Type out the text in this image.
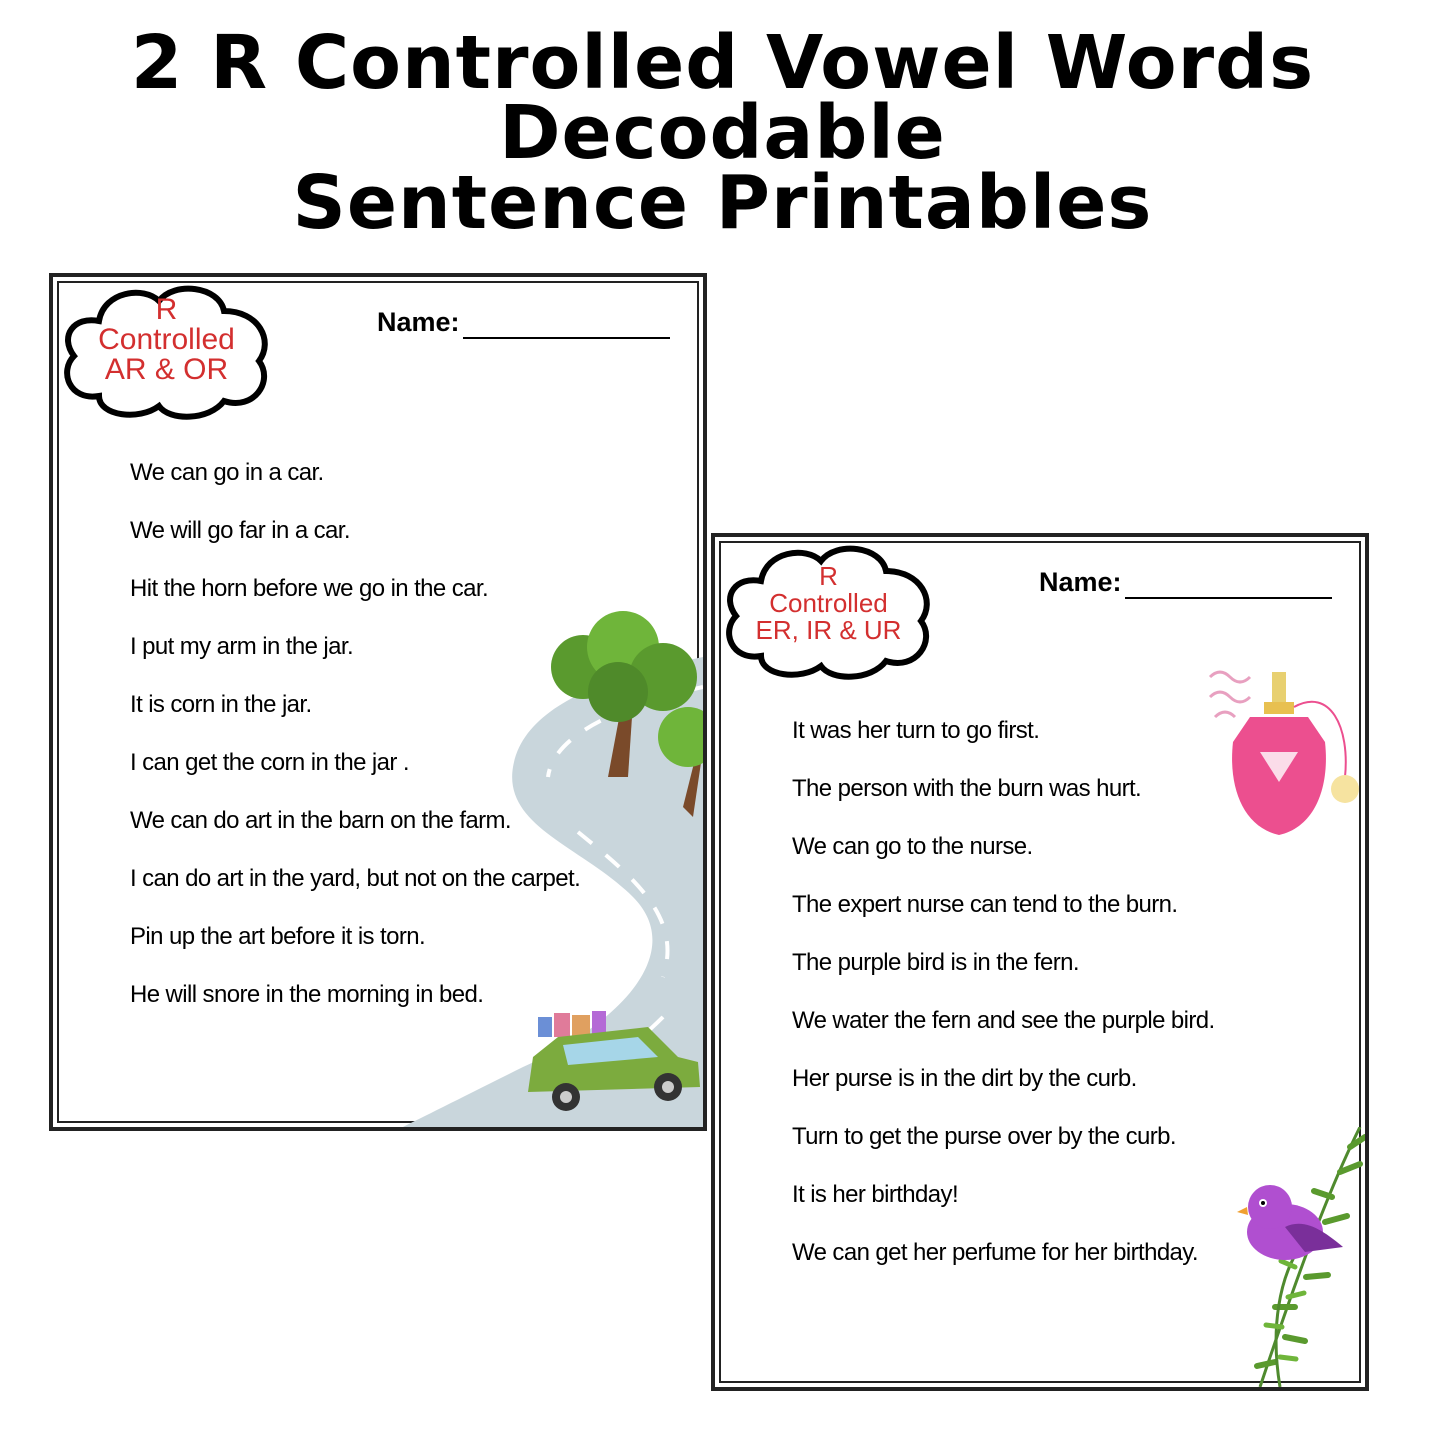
2 R Controlled Vowel Words
Decodable
Sentence Printables
R
Controlled
AR & OR
Name:
We can go in a car.
We will go far in a car.
Hit the horn before we go in the car.
I put my arm in the jar.
It is corn in the jar.
I can get the corn in the jar .
We can do art in the barn on the farm.
I can do art in the yard, but not on the carpet.
Pin up the art before it is torn.
He will snore in the morning in bed.
R
Controlled
ER, IR & UR
Name:
It was her turn to go first.
The person with the burn was hurt.
We can go to the nurse.
The expert nurse can tend to the burn.
The purple bird is in the fern.
We water the fern and see the purple bird.
Her purse is in the dirt by the curb.
Turn to get the purse over by the curb.
It is her birthday!
We can get her perfume for her birthday.
